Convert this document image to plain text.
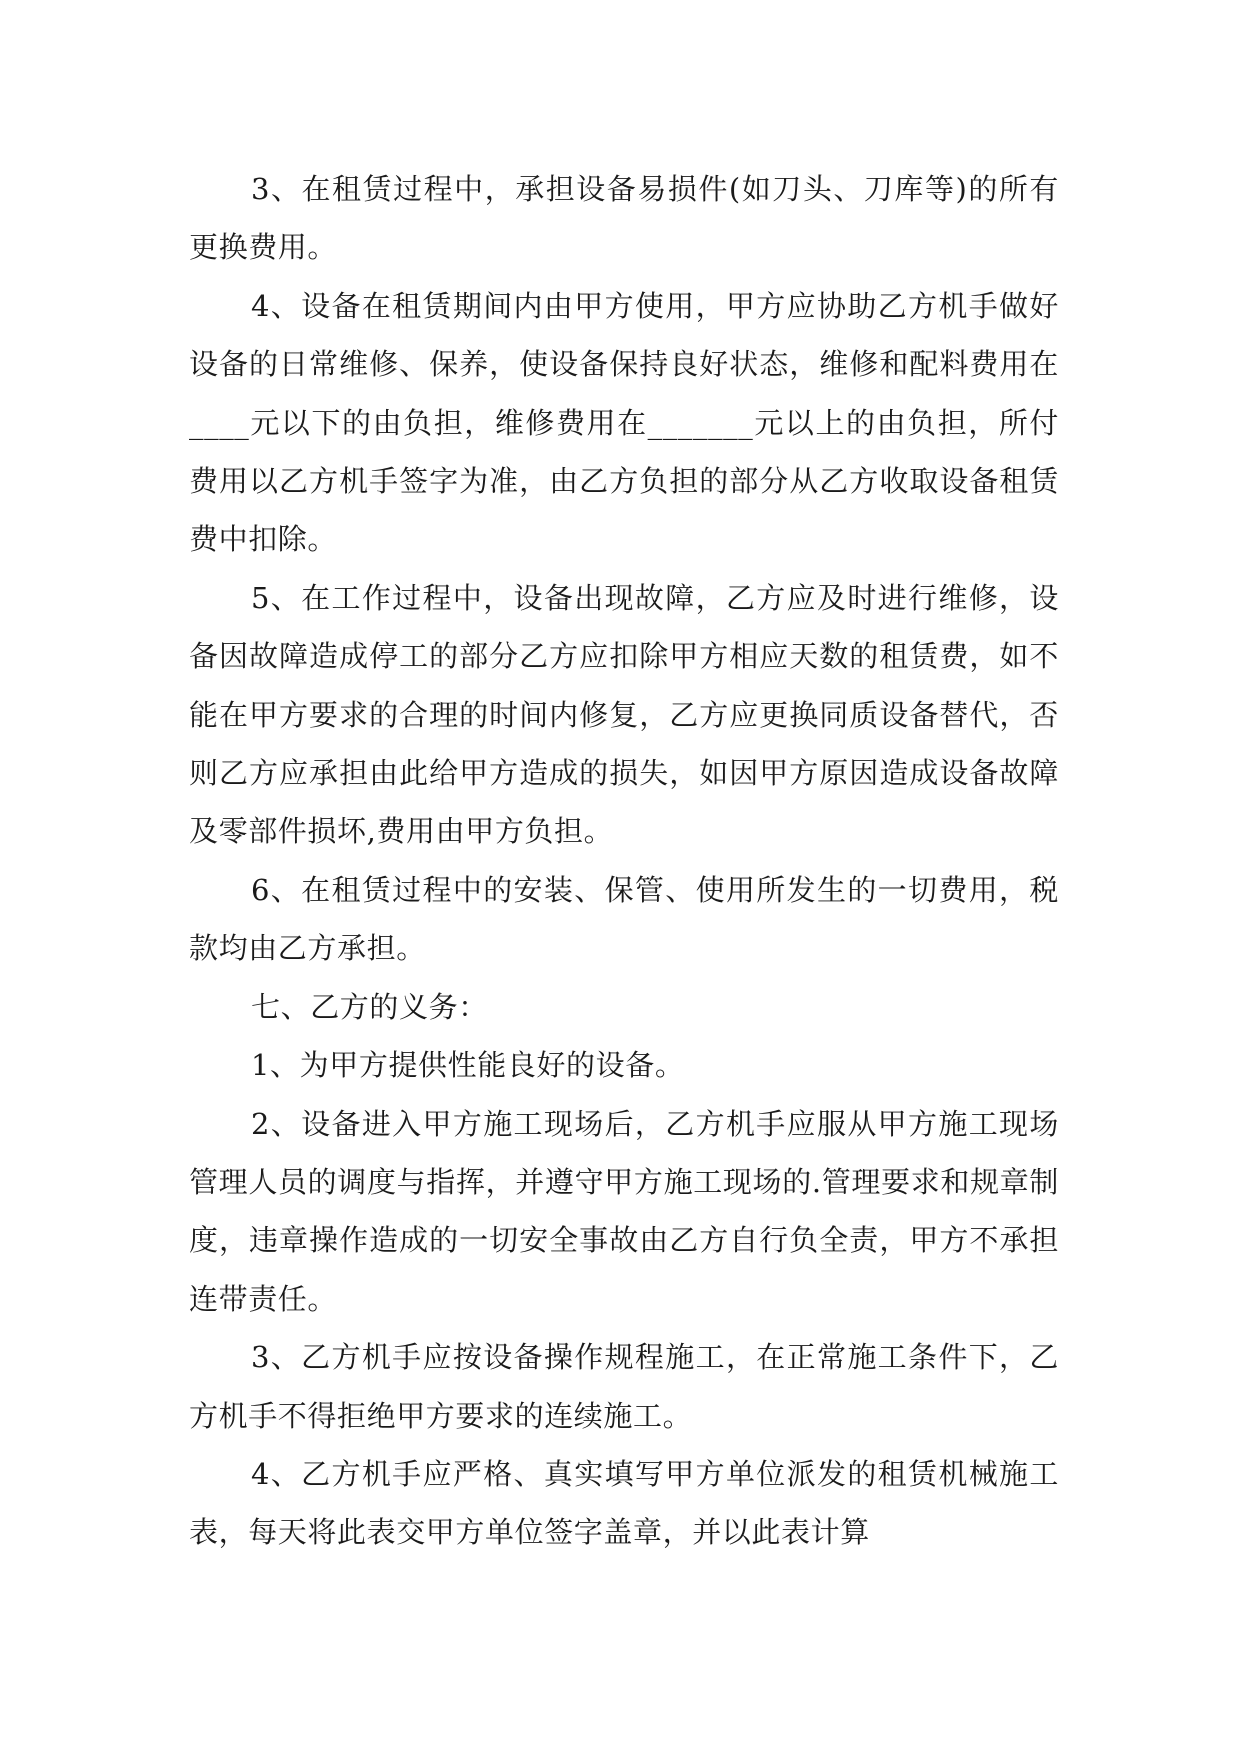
3、在租赁过程中，承担设备易损件(如刀头、刀库等)的所有更换费用。

4、设备在租赁期间内由甲方使用，甲方应协助乙方机手做好设备的日常维修、保养，使设备保持良好状态，维修和配料费用在____元以下的由负担，维修费用在_______元以上的由负担，所付费用以乙方机手签字为准，由乙方负担的部分从乙方收取设备租赁费中扣除。

5、在工作过程中，设备出现故障，乙方应及时进行维修，设备因故障造成停工的部分乙方应扣除甲方相应天数的租赁费，如不能在甲方要求的合理的时间内修复，乙方应更换同质设备替代，否则乙方应承担由此给甲方造成的损失，如因甲方原因造成设备故障及零部件损坏,费用由甲方负担。

6、在租赁过程中的安装、保管、使用所发生的一切费用，税款均由乙方承担。

七、乙方的义务：

1、为甲方提供性能良好的设备。

2、设备进入甲方施工现场后，乙方机手应服从甲方施工现场管理人员的调度与指挥，并遵守甲方施工现场的.管理要求和规章制度，违章操作造成的一切安全事故由乙方自行负全责，甲方不承担连带责任。

3、乙方机手应按设备操作规程施工，在正常施工条件下，乙方机手不得拒绝甲方要求的连续施工。

4、乙方机手应严格、真实填写甲方单位派发的租赁机械施工表，每天将此表交甲方单位签字盖章，并以此表计算
